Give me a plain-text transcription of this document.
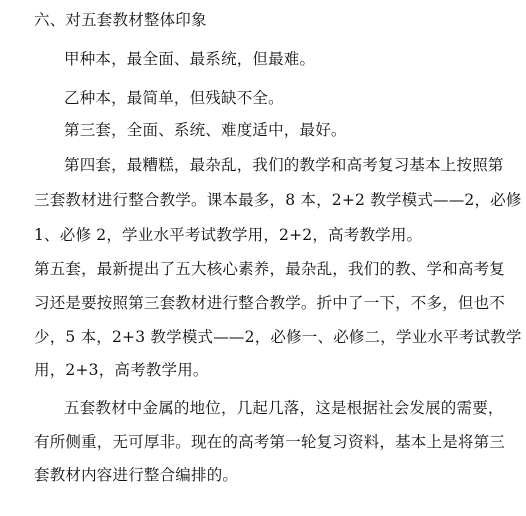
六、对五套教材整体印象
甲种本，最全面、最系统，但最难。
乙种本，最简单，但残缺不全。
第三套，全面、系统、难度适中，最好。
第四套，最糟糕，最杂乱，我们的教学和高考复习基本上按照第
三套教材进行整合教学。课本最多，8 本，2+2 教学模式——2，必修
1、必修 2，学业水平考试教学用，2+2，高考教学用。
第五套，最新提出了五大核心素养，最杂乱，我们的教、学和高考复
习还是要按照第三套教材进行整合教学。折中了一下，不多，但也不
少，5 本，2+3 教学模式——2，必修一、必修二，学业水平考试教学
用，2+3，高考教学用。
五套教材中金属的地位，几起几落，这是根据社会发展的需要，
有所侧重，无可厚非。现在的高考第一轮复习资料，基本上是将第三
套教材内容进行整合编排的。
